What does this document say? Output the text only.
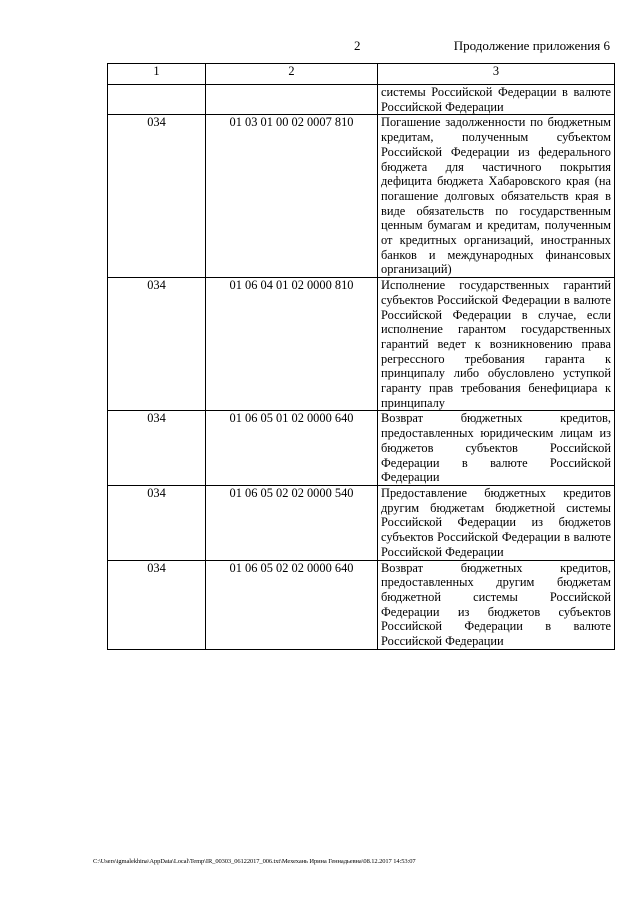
2	Продолжение приложения 6
1	2	3
		системы Российской Федерации в валюте Российской Федерации
034	01 03 01 00 02 0007 810	Погашение задолженности по бюджетным кредитам, полученным субъектом Российской Федерации из федерального бюджета для частичного покрытия дефицита бюджета Хабаровского края (на погашение долговых обязательств края в виде обязательств по государственным ценным бумагам и кредитам, полученным от кредитных организаций, иностранных банков и международных финансовых организаций)
034	01 06 04 01 02 0000 810	Исполнение государственных гарантий субъектов Российской Федерации в валюте Российской Федерации в случае, если исполнение гарантом государственных гарантий ведет к возникновению права регрессного требования гаранта к принципалу либо обусловлено уступкой гаранту прав требования бенефициара к принципалу
034	01 06 05 01 02 0000 640	Возврат бюджетных кредитов, предоставленных юридическим лицам из бюджетов субъектов Российской Федерации в валюте Российской Федерации
034	01 06 05 02 02 0000 540	Предоставление бюджетных кредитов другим бюджетам бюджетной системы Российской Федерации из бюджетов субъектов Российской Федерации в валюте Российской Федерации
034	01 06 05 02 02 0000 640	Возврат бюджетных кредитов, предоставленных другим бюджетам бюджетной системы Российской Федерации из бюджетов субъектов Российской Федерации в валюте Российской Федерации
C:\Users\igmalekhina\AppData\Local\Temp\IR_00303_06122017_006.txt\Мехехань Ирина Геннадьевна\08.12.2017 14:53:07
